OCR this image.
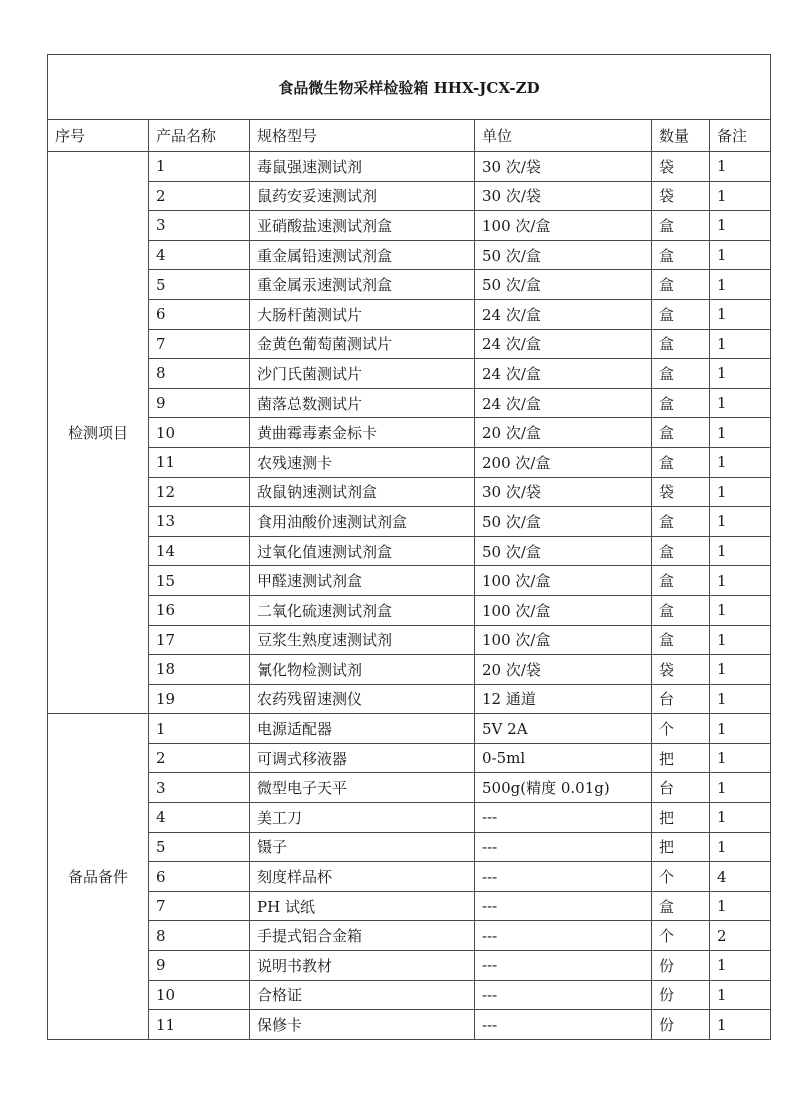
食品微生物采样检验箱 HHX-JCX-ZD					
序号	产品名称	规格型号	单位	数量	备注
检测项目	1	毒鼠强速测试剂	30 次/袋	袋	1
	2	鼠药安妥速测试剂	30 次/袋	袋	1
	3	亚硝酸盐速测试剂盒	100 次/盒	盒	1
	4	重金属铅速测试剂盒	50 次/盒	盒	1
	5	重金属汞速测试剂盒	50 次/盒	盒	1
	6	大肠杆菌测试片	24 次/盒	盒	1
	7	金黄色葡萄菌测试片	24 次/盒	盒	1
	8	沙门氏菌测试片	24 次/盒	盒	1
	9	菌落总数测试片	24 次/盒	盒	1
	10	黄曲霉毒素金标卡	20 次/盒	盒	1
	11	农残速测卡	200 次/盒	盒	1
	12	敌鼠钠速测试剂盒	30 次/袋	袋	1
	13	食用油酸价速测试剂盒	50 次/盒	盒	1
	14	过氧化值速测试剂盒	50 次/盒	盒	1
	15	甲醛速测试剂盒	100 次/盒	盒	1
	16	二氧化硫速测试剂盒	100 次/盒	盒	1
	17	豆浆生熟度速测试剂	100 次/盒	盒	1
	18	氰化物检测试剂	20 次/袋	袋	1
	19	农药残留速测仪	12 通道	台	1
备品备件	1	电源适配器	5V 2A	个	1
	2	可调式移液器	0-5ml	把	1
	3	微型电子天平	500g(精度 0.01g)	台	1
	4	美工刀	---	把	1
	5	镊子	---	把	1
	6	刻度样品杯	---	个	4
	7	PH 试纸	---	盒	1
	8	手提式铝合金箱	---	个	2
	9	说明书教材	---	份	1
	10	合格证	---	份	1
	11	保修卡	---	份	1
